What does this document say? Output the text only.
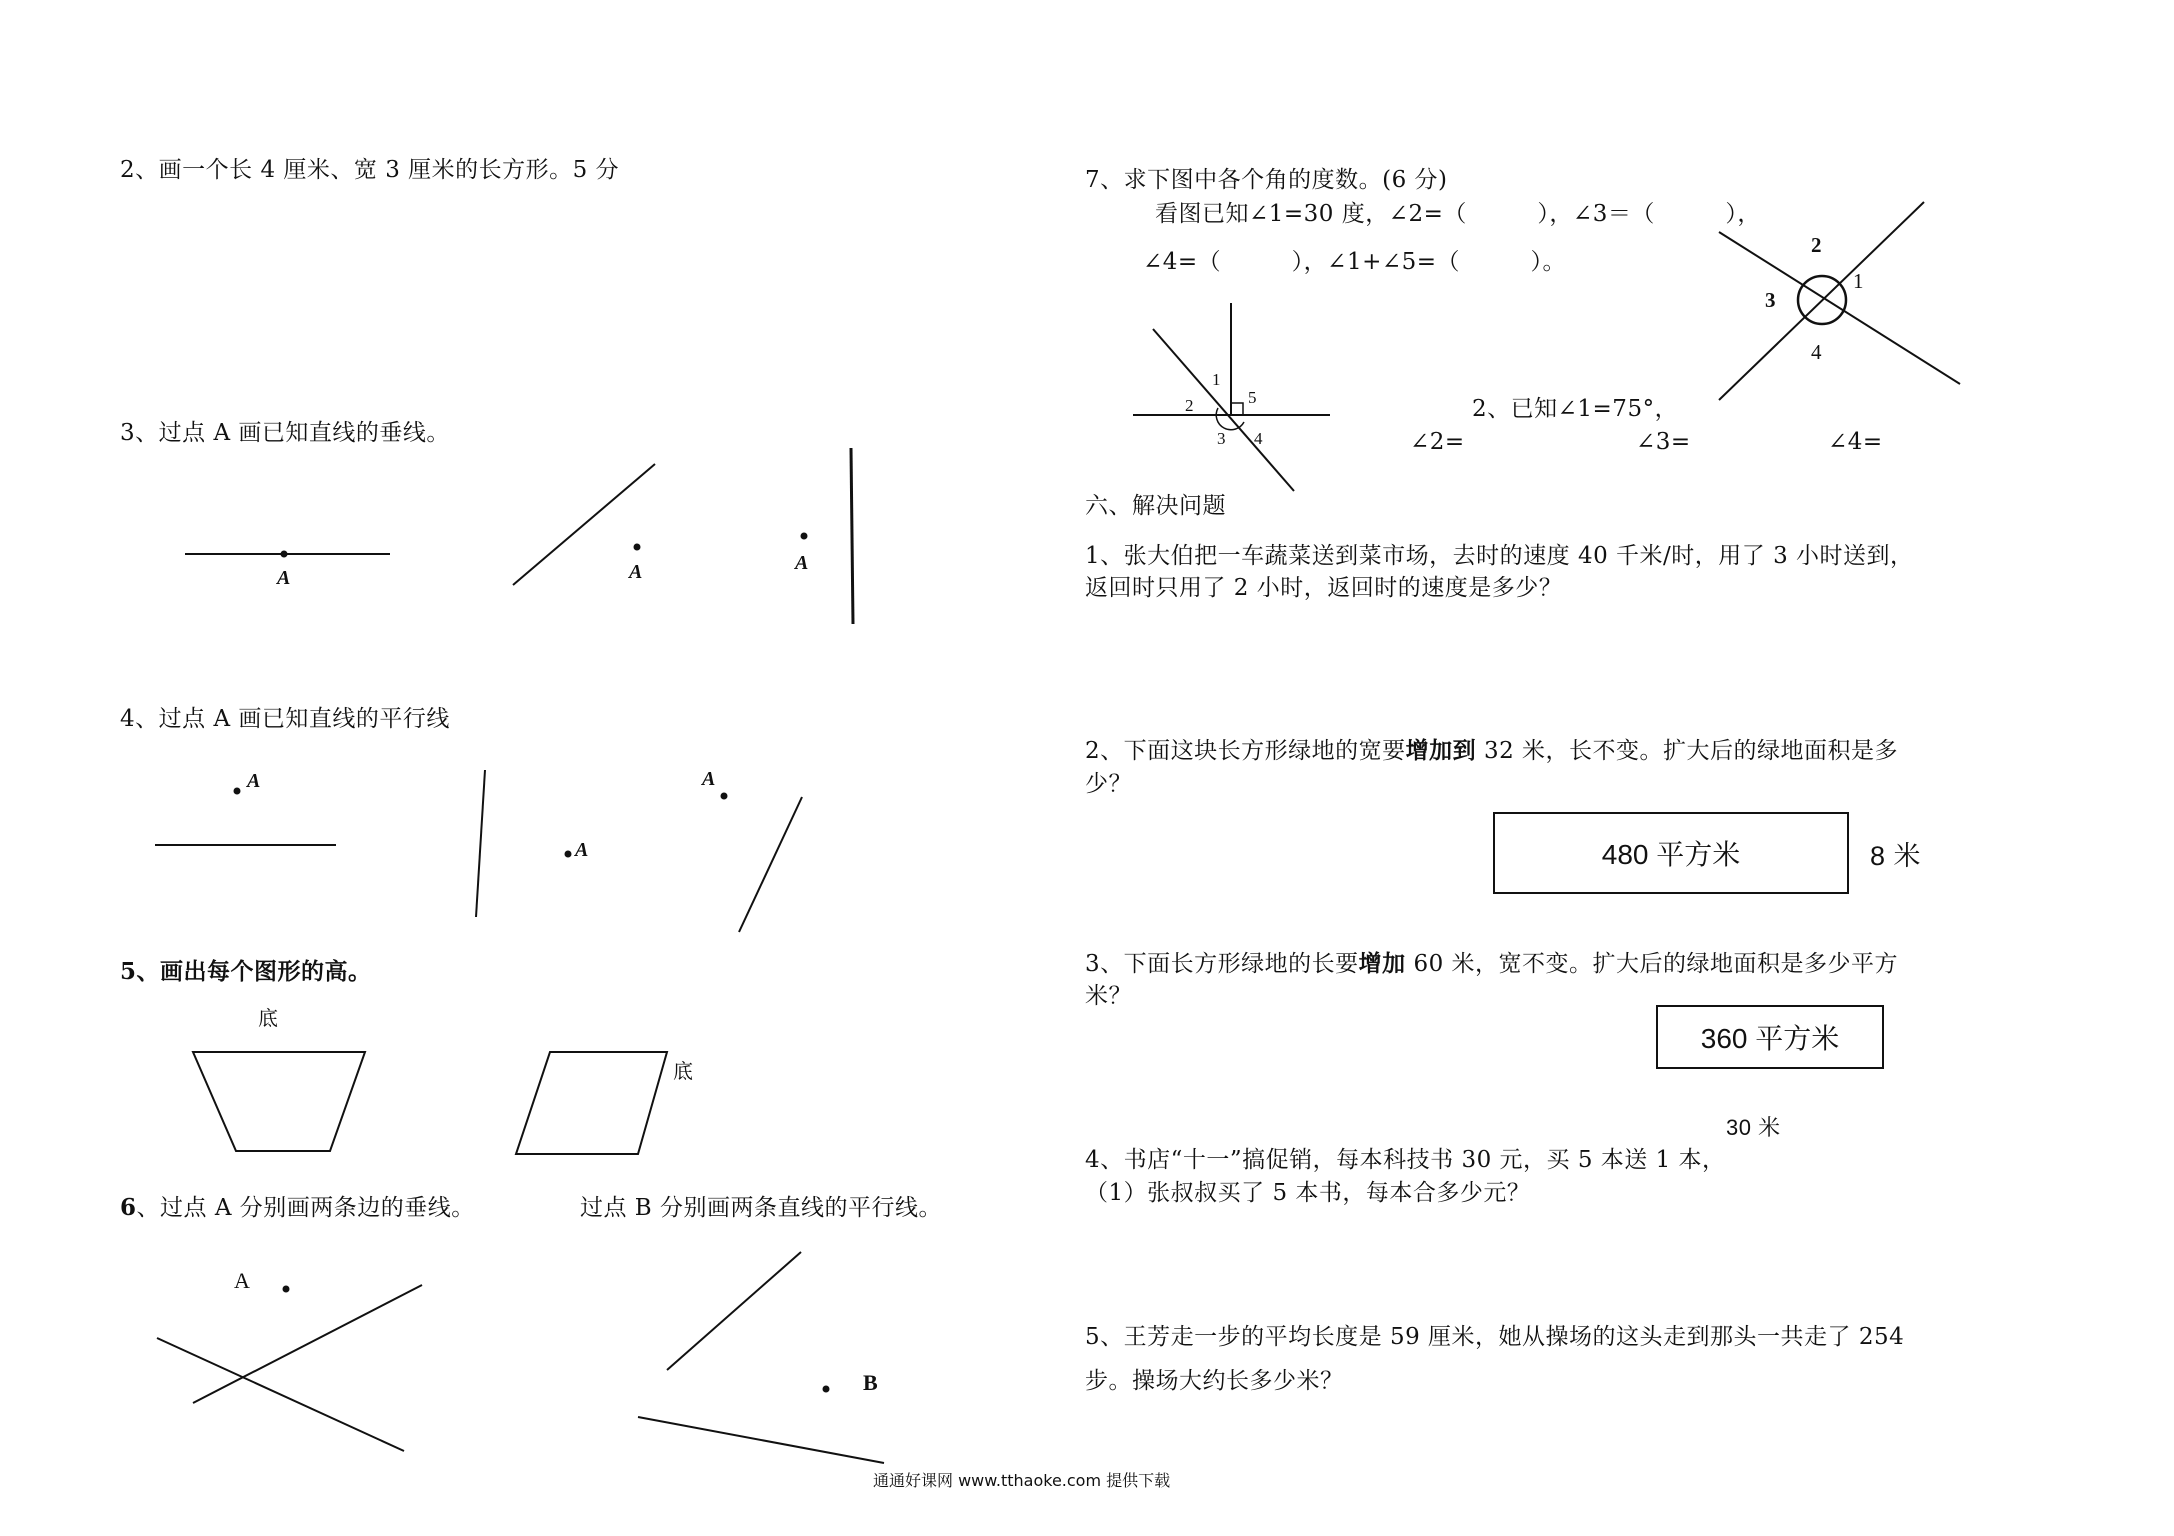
2、画一个长 4 厘米、宽 3 厘米的长方形。5 分
3、过点 A 画已知直线的垂线。
A	A	A
4、过点 A 画已知直线的平行线
A
A
A
5、画出每个图形的高。
底
底
6、过点 A 分别画两条边的垂线。	过点 B 分别画两条直线的平行线。
A
B
7、求下图中各个角的度数。(6 分)
看图已知∠1=30 度，∠2=（　　　），∠3＝（　　　），
∠4=（　　　），∠1+∠5=（　　　）。
1
2
3 4
5
2
3
1
4
2、已知∠1=75°，
∠2=	∠3=	∠4=
六、解决问题
1、张大伯把一车蔬菜送到菜市场，去时的速度 40 千米/时，用了 3 小时送到，
返回时只用了 2 小时，返回时的速度是多少？
2、下面这块长方形绿地的宽要增加到 32 米，长不变。扩大后的绿地面积是多
少？
480 平方米	8 米
3、下面长方形绿地的长要增加 60 米，宽不变。扩大后的绿地面积是多少平方
米？
360 平方米
30 米
4、书店“十一”搞促销，每本科技书 30 元，买 5 本送 1 本，
（1）张叔叔买了 5 本书，每本合多少元？
5、王芳走一步的平均长度是 59 厘米，她从操场的这头走到那头一共走了 254
步。操场大约长多少米？
通通好课网 www.tthaoke.com 提供下载
